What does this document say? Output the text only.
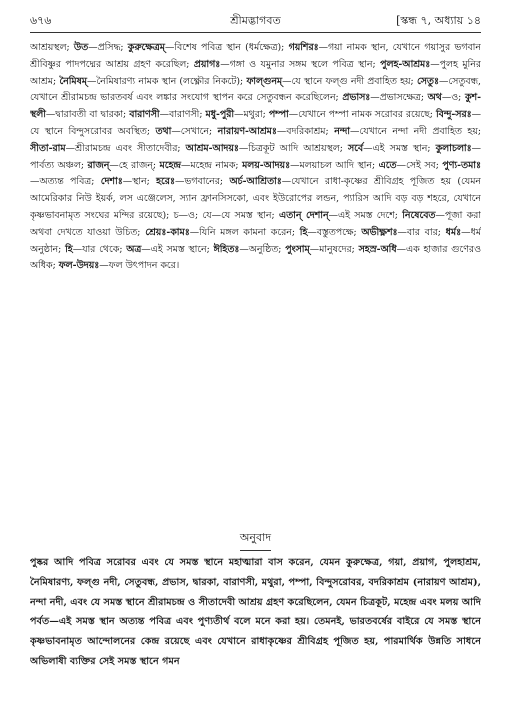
৬৭৬	শ্রীমদ্ভাগবত	[স্কন্ধ ৭, অধ্যায় ১৪
আশ্রয়স্থল; উত—প্রসিদ্ধ; কুরুক্ষেত্রম্—বিশেষ পবিত্র স্থান (ধর্মক্ষেত্র); গয়শিরঃ—গয়া নামক স্থান, যেখানে গয়াসুর ভগবান শ্রীবিষ্ণুর পাদপদ্মের আশ্রয় গ্রহণ করেছিল; প্রয়াগঃ—গঙ্গা ও যমুনার সঙ্গম স্থলে পবিত্র স্থান; পুলহ-আশ্রমঃ—পুলহ মুনির আশ্রম; নৈমিষম্—নৈমিষারণ্য নামক স্থান (লক্ষ্ণৌর নিকটে); ফাল্গুনম্—যে স্থানে ফল্গু নদী প্রবাহিত হয়; সেতুঃ—সেতুবন্ধ, যেখানে শ্রীরামচন্দ্র ভারতবর্ষ এবং লঙ্কার সংযোগ স্থাপন করে সেতুবন্ধন করেছিলেন; প্রভাসঃ—প্রভাসক্ষেত্র; অথ—ও; কুশ-স্থলী—দ্বারাবতী বা দ্বারকা; বারাণসী—বারাণসী; মধু-পুরী—মথুরা; পম্পা—যেখানে পম্পা নামক সরোবর রয়েছে; বিন্দু-সরঃ—যে স্থানে বিন্দুসরোবর অবস্থিত; তথা—সেখানে; নারায়ণ-আশ্রমঃ—বদরিকাশ্রম; নন্দা—যেখানে নন্দা নদী প্রবাহিত হয়; সীতা-রাম—শ্রীরামচন্দ্র এবং সীতাদেবীর; আশ্রম-আদয়ঃ—চিত্রকূট আদি আশ্রয়স্থল; সর্বে—এই সমস্ত স্থান; কুলাচলাঃ—পার্বত্য অঞ্চল; রাজন্—হে রাজন্; মহেন্দ্র—মহেন্দ্র নামক; মলয়-আদয়ঃ—মলয়াচল আদি স্থান; এতে—সেই সব; পুণ্য-তমাঃ—অত্যন্ত পবিত্র; দেশাঃ—স্থান; হরেঃ—ভগবানের; অর্চ-আশ্রিতাঃ—যেখানে রাধা-কৃষ্ণের শ্রীবিগ্রহ পূজিত হয় (যেমন আমেরিকার নিউ ইয়র্ক, লস এঞ্জেলেস, স্যান ফ্রানসিসকো, এবং ইউরোপের লন্ডন, প্যারিস আদি বড় বড় শহরে, যেখানে কৃষ্ণভাবনামৃত সংঘের মন্দির রয়েছে); চ—ও; যে—যে সমস্ত স্থান; এতান্ দেশান্—এই সমস্ত দেশে; নিষেবেত—পূজা করা অথবা দেখতে যাওয়া উচিত; শ্রেয়ঃ-কামঃ—যিনি মঙ্গল কামনা করেন; হি—বস্তুতপক্ষে; অভীক্ষ্ণশঃ—বার বার; ধর্মঃ—ধর্ম অনুষ্ঠান; হি—যার থেকে; অত্র—এই সমস্ত স্থানে; ঈহিতঃ—অনুষ্ঠিত; পুংসাম্—মানুষদের; সহস্র-অধি—এক হাজার গুণেরও অধিক; ফল-উদয়ঃ—ফল উৎপাদন করে।
অনুবাদ
পুষ্কর আদি পবিত্র সরোবর এবং যে সমস্ত স্থানে মহাত্মারা বাস করেন, যেমন কুরুক্ষেত্র, গয়া, প্রয়াগ, পুলহাশ্রম, নৈমিষারণ্য, ফল্গু নদী, সেতুবন্ধ, প্রভাস, দ্বারকা, বারাণসী, মথুরা, পম্পা, বিন্দুসরোবর, বদরিকাশ্রম (নারায়ণ আশ্রম), নন্দা নদী, এবং যে সমস্ত স্থানে শ্রীরামচন্দ্র ও সীতাদেবী আশ্রয় গ্রহণ করেছিলেন, যেমন চিত্রকূট, মহেন্দ্র এবং মলয় আদি পর্বত—এই সমস্ত স্থান অত্যন্ত পবিত্র এবং পুণ্যতীর্থ বলে মনে করা হয়। তেমনই, ভারতবর্ষের বাইরে যে সমস্ত স্থানে কৃষ্ণভাবনামৃত আন্দোলনের কেন্দ্র রয়েছে এবং যেখানে রাধাকৃষ্ণের শ্রীবিগ্রহ পূজিত হয়, পারমার্থিক উন্নতি সাধনে অভিলাষী ব্যক্তির সেই সমস্ত স্থানে গমন
